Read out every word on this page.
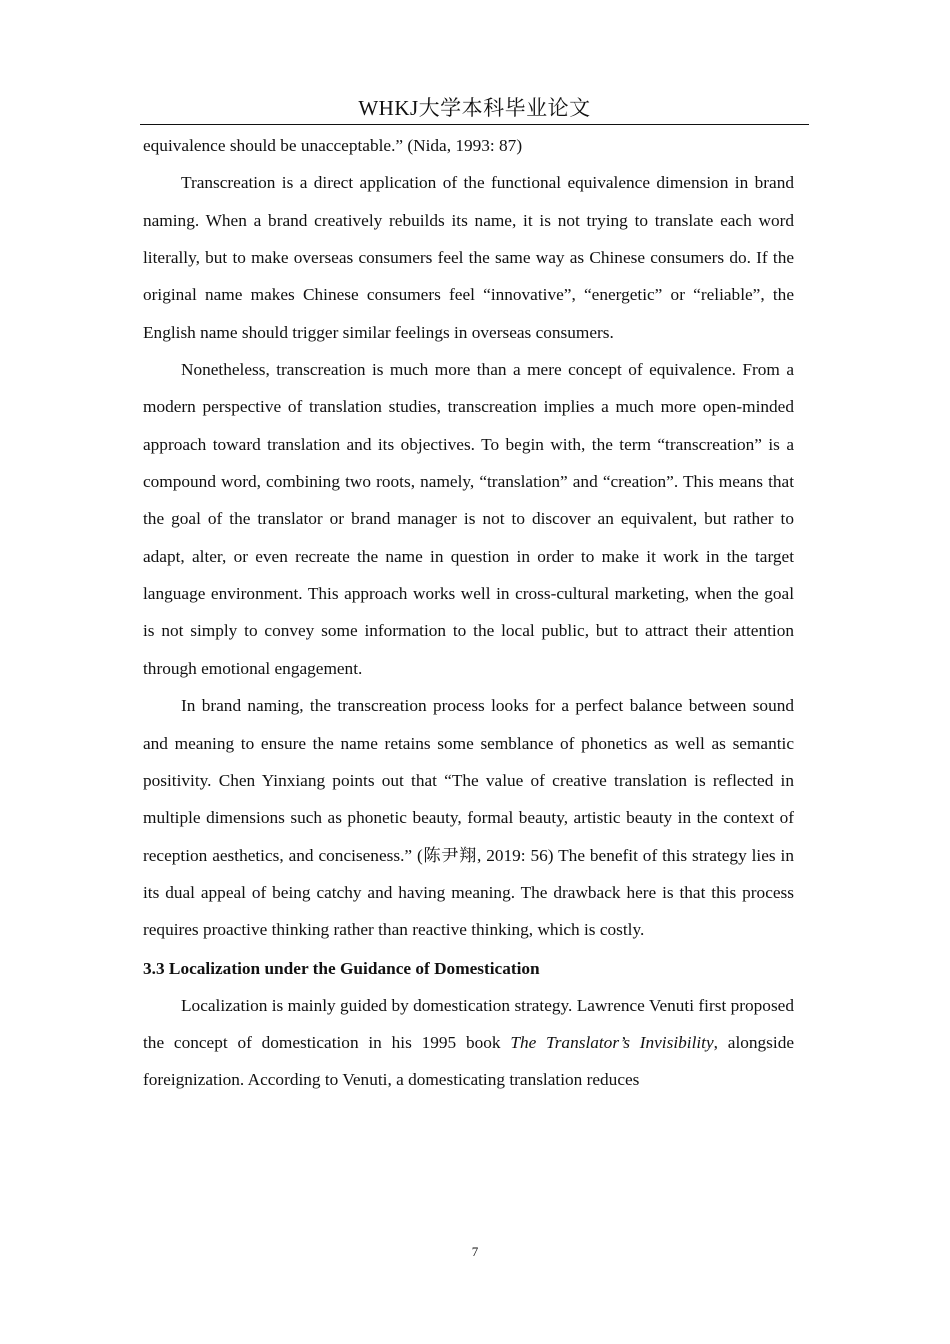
WHKJ大学本科毕业论文

equivalence should be unacceptable.” (Nida, 1993: 87)

Transcreation is a direct application of the functional equivalence dimension in brand naming. When a brand creatively rebuilds its name, it is not trying to translate each word literally, but to make overseas consumers feel the same way as Chinese consumers do. If the original name makes Chinese consumers feel “innovative”, “energetic” or “reliable”, the English name should trigger similar feelings in overseas consumers.

Nonetheless, transcreation is much more than a mere concept of equivalence. From a modern perspective of translation studies, transcreation implies a much more open-minded approach toward translation and its objectives. To begin with, the term “transcreation” is a compound word, combining two roots, namely, “translation” and “creation”. This means that the goal of the translator or brand manager is not to discover an equivalent, but rather to adapt, alter, or even recreate the name in question in order to make it work in the target language environment. This approach works well in cross-cultural marketing, when the goal is not simply to convey some information to the local public, but to attract their attention through emotional engagement.

In brand naming, the transcreation process looks for a perfect balance between sound and meaning to ensure the name retains some semblance of phonetics as well as semantic positivity. Chen Yinxiang points out that “The value of creative translation is reflected in multiple dimensions such as phonetic beauty, formal beauty, artistic beauty in the context of reception aesthetics, and conciseness.” (陈尹翔, 2019: 56) The benefit of this strategy lies in its dual appeal of being catchy and having meaning. The drawback here is that this process requires proactive thinking rather than reactive thinking, which is costly.

3.3 Localization under the Guidance of Domestication

Localization is mainly guided by domestication strategy. Lawrence Venuti first proposed the concept of domestication in his 1995 book The Translator’s Invisibility, alongside foreignization. According to Venuti, a domesticating translation reduces

7
